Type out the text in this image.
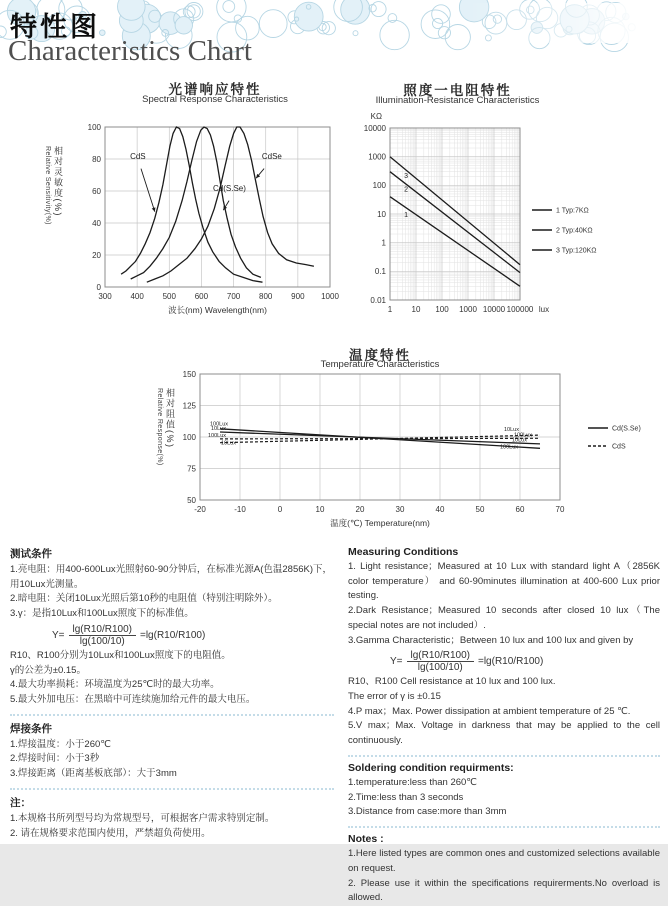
特性图
Characteristics Chart
光谱响应特性
Spectral Response Characteristics
Relative Sensitivity(%) 相对灵敏度(%)
300 400 500 600 700 800 900 1000
0
20
40
60
80
100
波长(nm) Wavelength(nm)
CdS	CdSe
Cd(S.Se)
照度一电阻特性
Illumination-Resistance Characteristics
1 10 100 1000 10000 100000
10000
1000
100
10
1
0.1
0.01
KΩ
lux
3
2
1
1 Typ:7KΩ
2 Typ:40KΩ
3 Typ:120KΩ
温度特性
Temperature Characteristics
Relative Response(%) 相对阻值(%)
-20	-10	0	10	20	30	40	50	60	70
50
75
100
125
150
温度(℃) Temperature(nm)
100Lux
10Lux
100Lux
10Lux
10Lux
100Lux
10Lux
100Lux
Cd(S.Se)
CdS
测试条件
1.亮电阻：用400-600Lux光照射60-90分钟后，在标准光源A(色温2856K)下，用10Lux光测量。
2.暗电阻：关闭10Lux光照后第10秒的电阻值（特别注明除外）。
3.γ：是指10Lux和100Lux照度下的标准值。
$Y= \frac{\lg(R10/R100)}{\lg(100/10)} =\lg(R10/R100)$
R10、R100分别为10Lux和100Lux照度下的电阻值。
γ的公差为±0.15。
4.最大功率损耗：环境温度为25℃时的最大功率。
5.最大外加电压：在黑暗中可连续施加给元件的最大电压。
焊接条件
1.焊接温度：小于260℃
2.焊接时间：小于3秒
3.焊接距离（距离基板底部）：大于3mm
注：
1.本规格书所列型号均为常规型号，可根据客户需求特别定制。
2. 请在规格要求范围内使用，严禁超负荷使用。
Measuring Conditions
1. Light resistance；Measured at 10 Lux with standard light A（2856K color temperature） and 60-90minutes illumination at 400-600 Lux prior testing.
2.Dark Resistance；Measured 10 seconds after closed 10 lux（The special notes are not included）.
3.Gamma Characteristic；Between 10 lux and 100 lux and given by
$Y= \frac{\lg(R10/R100)}{\lg(100/10)} =\lg(R10/R100)$
R10、R100 Cell resistance at 10 lux and 100 lux.
The error of γ is ±0.15
4.P max；Max. Power dissipation at ambient temperature of 25 ℃.
5.V max；Max. Voltage in darkness that may be applied to the cell continuously.
Soldering condition requirments:
1.temperature:less than 260℃
2.Time:less than 3 seconds
3.Distance from case:more than 3mm
Notes :
1.Here listed types are common ones and customized selections available on request.
2. Please use it within the specifications requirerments.No overload is allowed.
